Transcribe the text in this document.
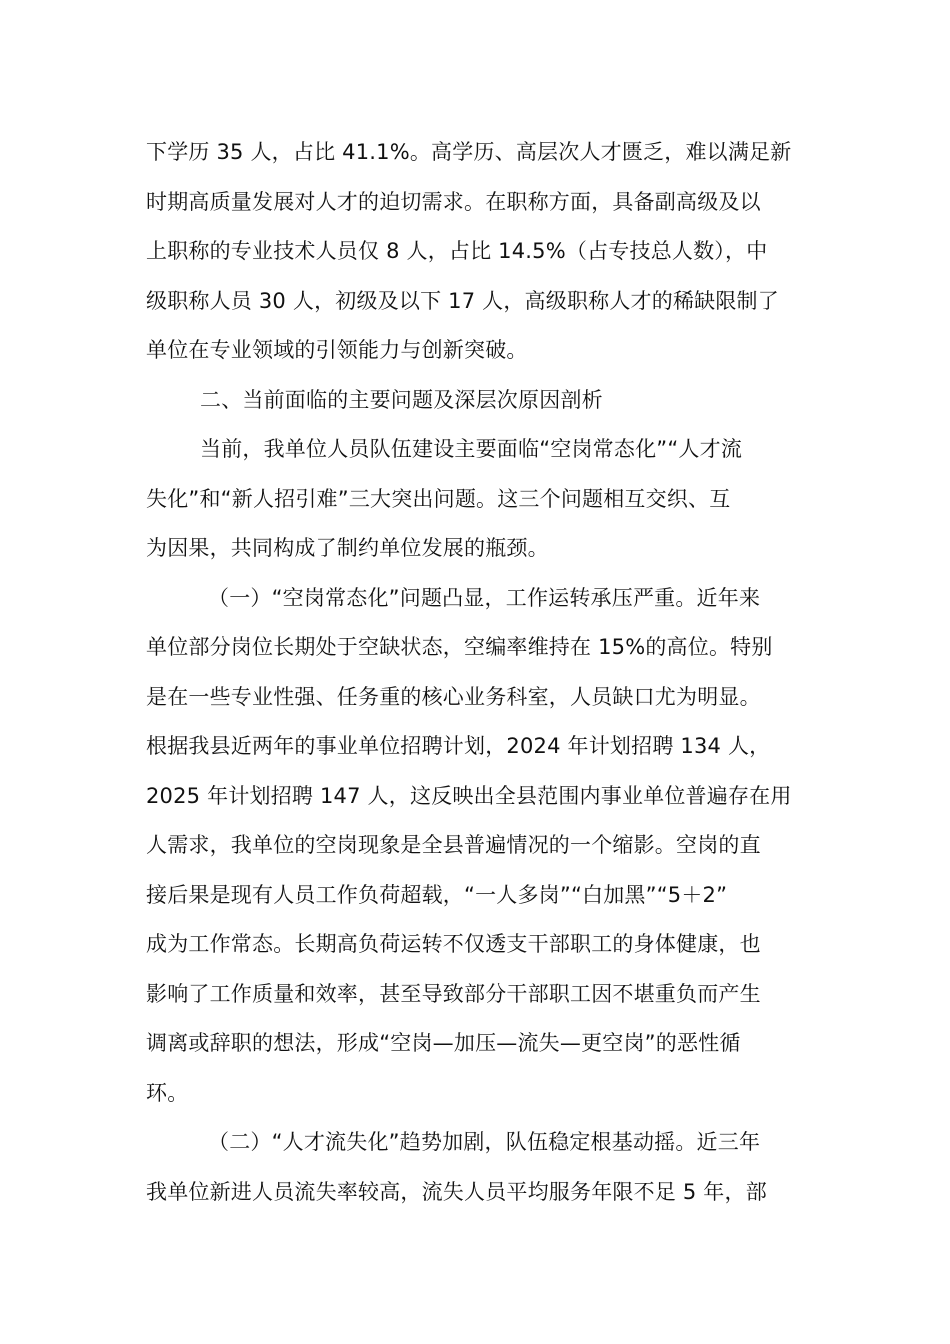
下学历 35 人，占比 41.1%。高学历、高层次人才匮乏，难以满足新
时期高质量发展对人才的迫切需求。在职称方面，具备副高级及以
上职称的专业技术人员仅 8 人，占比 14.5%（占专技总人数），中
级职称人员 30 人，初级及以下 17 人，高级职称人才的稀缺限制了
单位在专业领域的引领能力与创新突破。

二、当前面临的主要问题及深层次原因剖析

当前，我单位人员队伍建设主要面临“空岗常态化”“人才流
失化”和“新人招引难”三大突出问题。这三个问题相互交织、互
为因果，共同构成了制约单位发展的瓶颈。

（一）“空岗常态化”问题凸显，工作运转承压严重。近年来
单位部分岗位长期处于空缺状态，空编率维持在 15%的高位。特别
是在一些专业性强、任务重的核心业务科室，人员缺口尤为明显。
根据我县近两年的事业单位招聘计划，2024 年计划招聘 134 人，
2025 年计划招聘 147 人，这反映出全县范围内事业单位普遍存在用
人需求，我单位的空岗现象是全县普遍情况的一个缩影。空岗的直
接后果是现有人员工作负荷超载，“一人多岗”“白加黑”“5＋2”
成为工作常态。长期高负荷运转不仅透支干部职工的身体健康，也
影响了工作质量和效率，甚至导致部分干部职工因不堪重负而产生
调离或辞职的想法，形成“空岗—加压—流失—更空岗”的恶性循
环。

（二）“人才流失化”趋势加剧，队伍稳定根基动摇。近三年
我单位新进人员流失率较高，流失人员平均服务年限不足 5 年，部
